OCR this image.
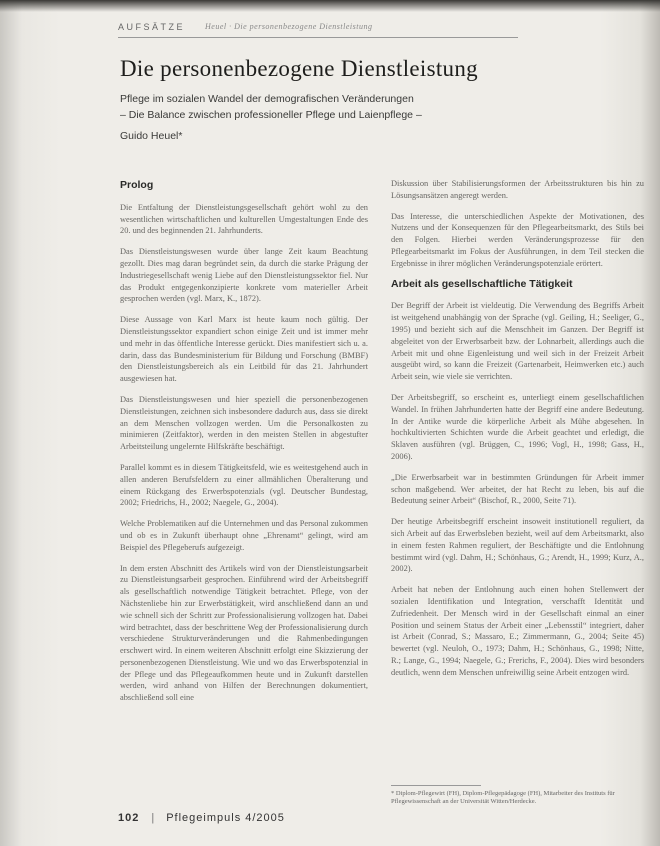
AUFSÄTZE Heuel · Die personenbezogene Dienstleistung
Die personenbezogene Dienstleistung
Pflege im sozialen Wandel der demografischen Veränderungen
– Die Balance zwischen professioneller Pflege und Laienpflege –
Guido Heuel*
Prolog

Die Entfaltung der Dienstleistungsgesellschaft gehört wohl zu den wesentlichen wirtschaftlichen und kulturellen Umgestaltungen Ende des 20. und des beginnenden 21. Jahrhunderts.

Das Dienstleistungswesen wurde über lange Zeit kaum Beachtung gezollt. Dies mag daran begründet sein, da durch die starke Prägung der Industriegesellschaft wenig Liebe auf den Dienstleistungssektor fiel. Nur das Produkt entgegenkonzipierte konkrete vom materieller Arbeit gesprochen werden (vgl. Marx, K., 1872).

Diese Aussage von Karl Marx ist heute kaum noch gültig. Der Dienstleistungssektor expandiert schon einige Zeit und ist immer mehr und mehr in das öffentliche Interesse gerückt. Dies manifestiert sich u. a. darin, dass das Bundesministerium für Bildung und Forschung (BMBF) den Dienstleistungsbereich als ein Leitbild für das 21. Jahrhundert ausgewiesen hat.

Das Dienstleistungswesen und hier speziell die personenbezogenen Dienstleistungen, zeichnen sich insbesondere dadurch aus, dass sie direkt an dem Menschen vollzogen werden. Um die Personalkosten zu minimieren (Zeitfaktor), werden in den meisten Stellen in abgestufter Arbeitsteilung ungelernte Hilfskräfte beschäftigt.

Parallel kommt es in diesem Tätigkeitsfeld, wie es weitestgehend auch in allen anderen Berufsfeldern zu einer allmählichen Überalterung und einem Rückgang des Erwerbspotenzials (vgl. Deutscher Bundestag, 2002; Friedrichs, H., 2002; Naegele, G., 2004).

Welche Problematiken auf die Unternehmen und das Personal zukommen und ob es in Zukunft überhaupt ohne „Ehrenamt“ gelingt, wird am Beispiel des Pflegeberufs aufgezeigt.

In dem ersten Abschnitt des Artikels wird von der Dienstleistungsarbeit zu Dienstleistungsarbeit gesprochen. Einführend wird der Arbeitsbegriff als gesellschaftlich notwendige Tätigkeit betrachtet. Pflege, von der Nächstenliebe hin zur Erwerbstätigkeit, wird anschließend dann an und wie schnell sich der Schritt zur Professionalisierung vollzogen hat. Dabei wird betrachtet, dass der beschrittene Weg der Professionalisierung durch verschiedene Strukturveränderungen und die Rahmenbedingungen erschwert wird. In einem weiteren Abschnitt erfolgt eine Skizzierung der personenbezogenen Dienstleistung. Wie und wo das Erwerbspotenzial in der Pflege und das Pflegeaufkommen heute und in Zukunft darstellen werden, wird anhand von Hilfen der Berechnungen dokumentiert, abschließend soll eine

Diskussion über Stabilisierungsformen der Arbeitsstrukturen bis hin zu Lösungsansätzen angeregt werden.

Das Interesse, die unterschiedlichen Aspekte der Motivationen, des Nutzens und der Konsequenzen für den Pflegearbeitsmarkt, des Stils bei den Folgen. Hierbei werden Veränderungsprozesse für den Pflegearbeitsmarkt im Fokus der Ausführungen, in dem Teil stecken die Ergebnisse in ihrer möglichen Veränderungspotenziale erörtert.

Arbeit als gesellschaftliche Tätigkeit

Der Begriff der Arbeit ist vieldeutig. Die Verwendung des Begriffs Arbeit ist weitgehend unabhängig von der Sprache (vgl. Geiling, H.; Seeliger, G., 1995) und bezieht sich auf die Menschheit im Ganzen. Der Begriff ist abgeleitet von der Erwerbsarbeit bzw. der Lohnarbeit, allerdings auch die Arbeit mit und ohne Eigenleistung und weil sich in der Freizeit Arbeit ausgeübt wird, so kann die Freizeit (Gartenarbeit, Heimwerken etc.) auch Arbeit sein, wie viele sie verrichten.

Der Arbeitsbegriff, so erscheint es, unterliegt einem gesellschaftlichen Wandel. In frühen Jahrhunderten hatte der Begriff eine andere Bedeutung. In der Antike wurde die körperliche Arbeit als Mühe abgesehen. In hochkultivierten Schichten wurde die Arbeit geachtet und erledigt, die Sklaven ausführen (vgl. Brüggen, C., 1996; Vogl, H., 1998; Gass, H., 2006).

„Die Erwerbsarbeit war in bestimmten Gründungen für Arbeit immer schon maßgebend. Wer arbeitet, der hat Recht zu leben, bis auf die Bedeutung seiner Arbeit“ (Bischof, R., 2000, Seite 71).

Der heutige Arbeitsbegriff erscheint insoweit institutionell reguliert, da sich Arbeit auf das Erwerbsleben bezieht, weil auf dem Arbeitsmarkt, also in einem festen Rahmen reguliert, der Beschäftigte und die Entlohnung bestimmt wird (vgl. Dahm, H.; Schönhaus, G.; Arendt, H., 1999; Kurz, A., 2002).

Arbeit hat neben der Entlohnung auch einen hohen Stellenwert der sozialen Identifikation und Integration, verschafft Identität und Zufriedenheit. Der Mensch wird in der Gesellschaft einmal an einer Position und seinem Status der Arbeit einer „Lebensstil“ integriert, daher ist Arbeit (Conrad, S.; Massaro, E.; Zimmermann, G., 2004; Seite 45) bewertet (vgl. Neuloh, O., 1973; Dahm, H.; Schönhaus, G., 1998; Nitte, R.; Lange, G., 1994; Naegele, G.; Frerichs, F., 2004). Dies wird besonders deutlich, wenn dem Menschen unfreiwillig seine Arbeit entzogen wird.

* Diplom-Pflegewirt (FH), Diplom-Pflegepädagoge (FH), Mitarbeiter des Instituts für Pflegewissenschaft an der Universität Witten/Herdecke.
102 | Pflegeimpuls 4/2005
